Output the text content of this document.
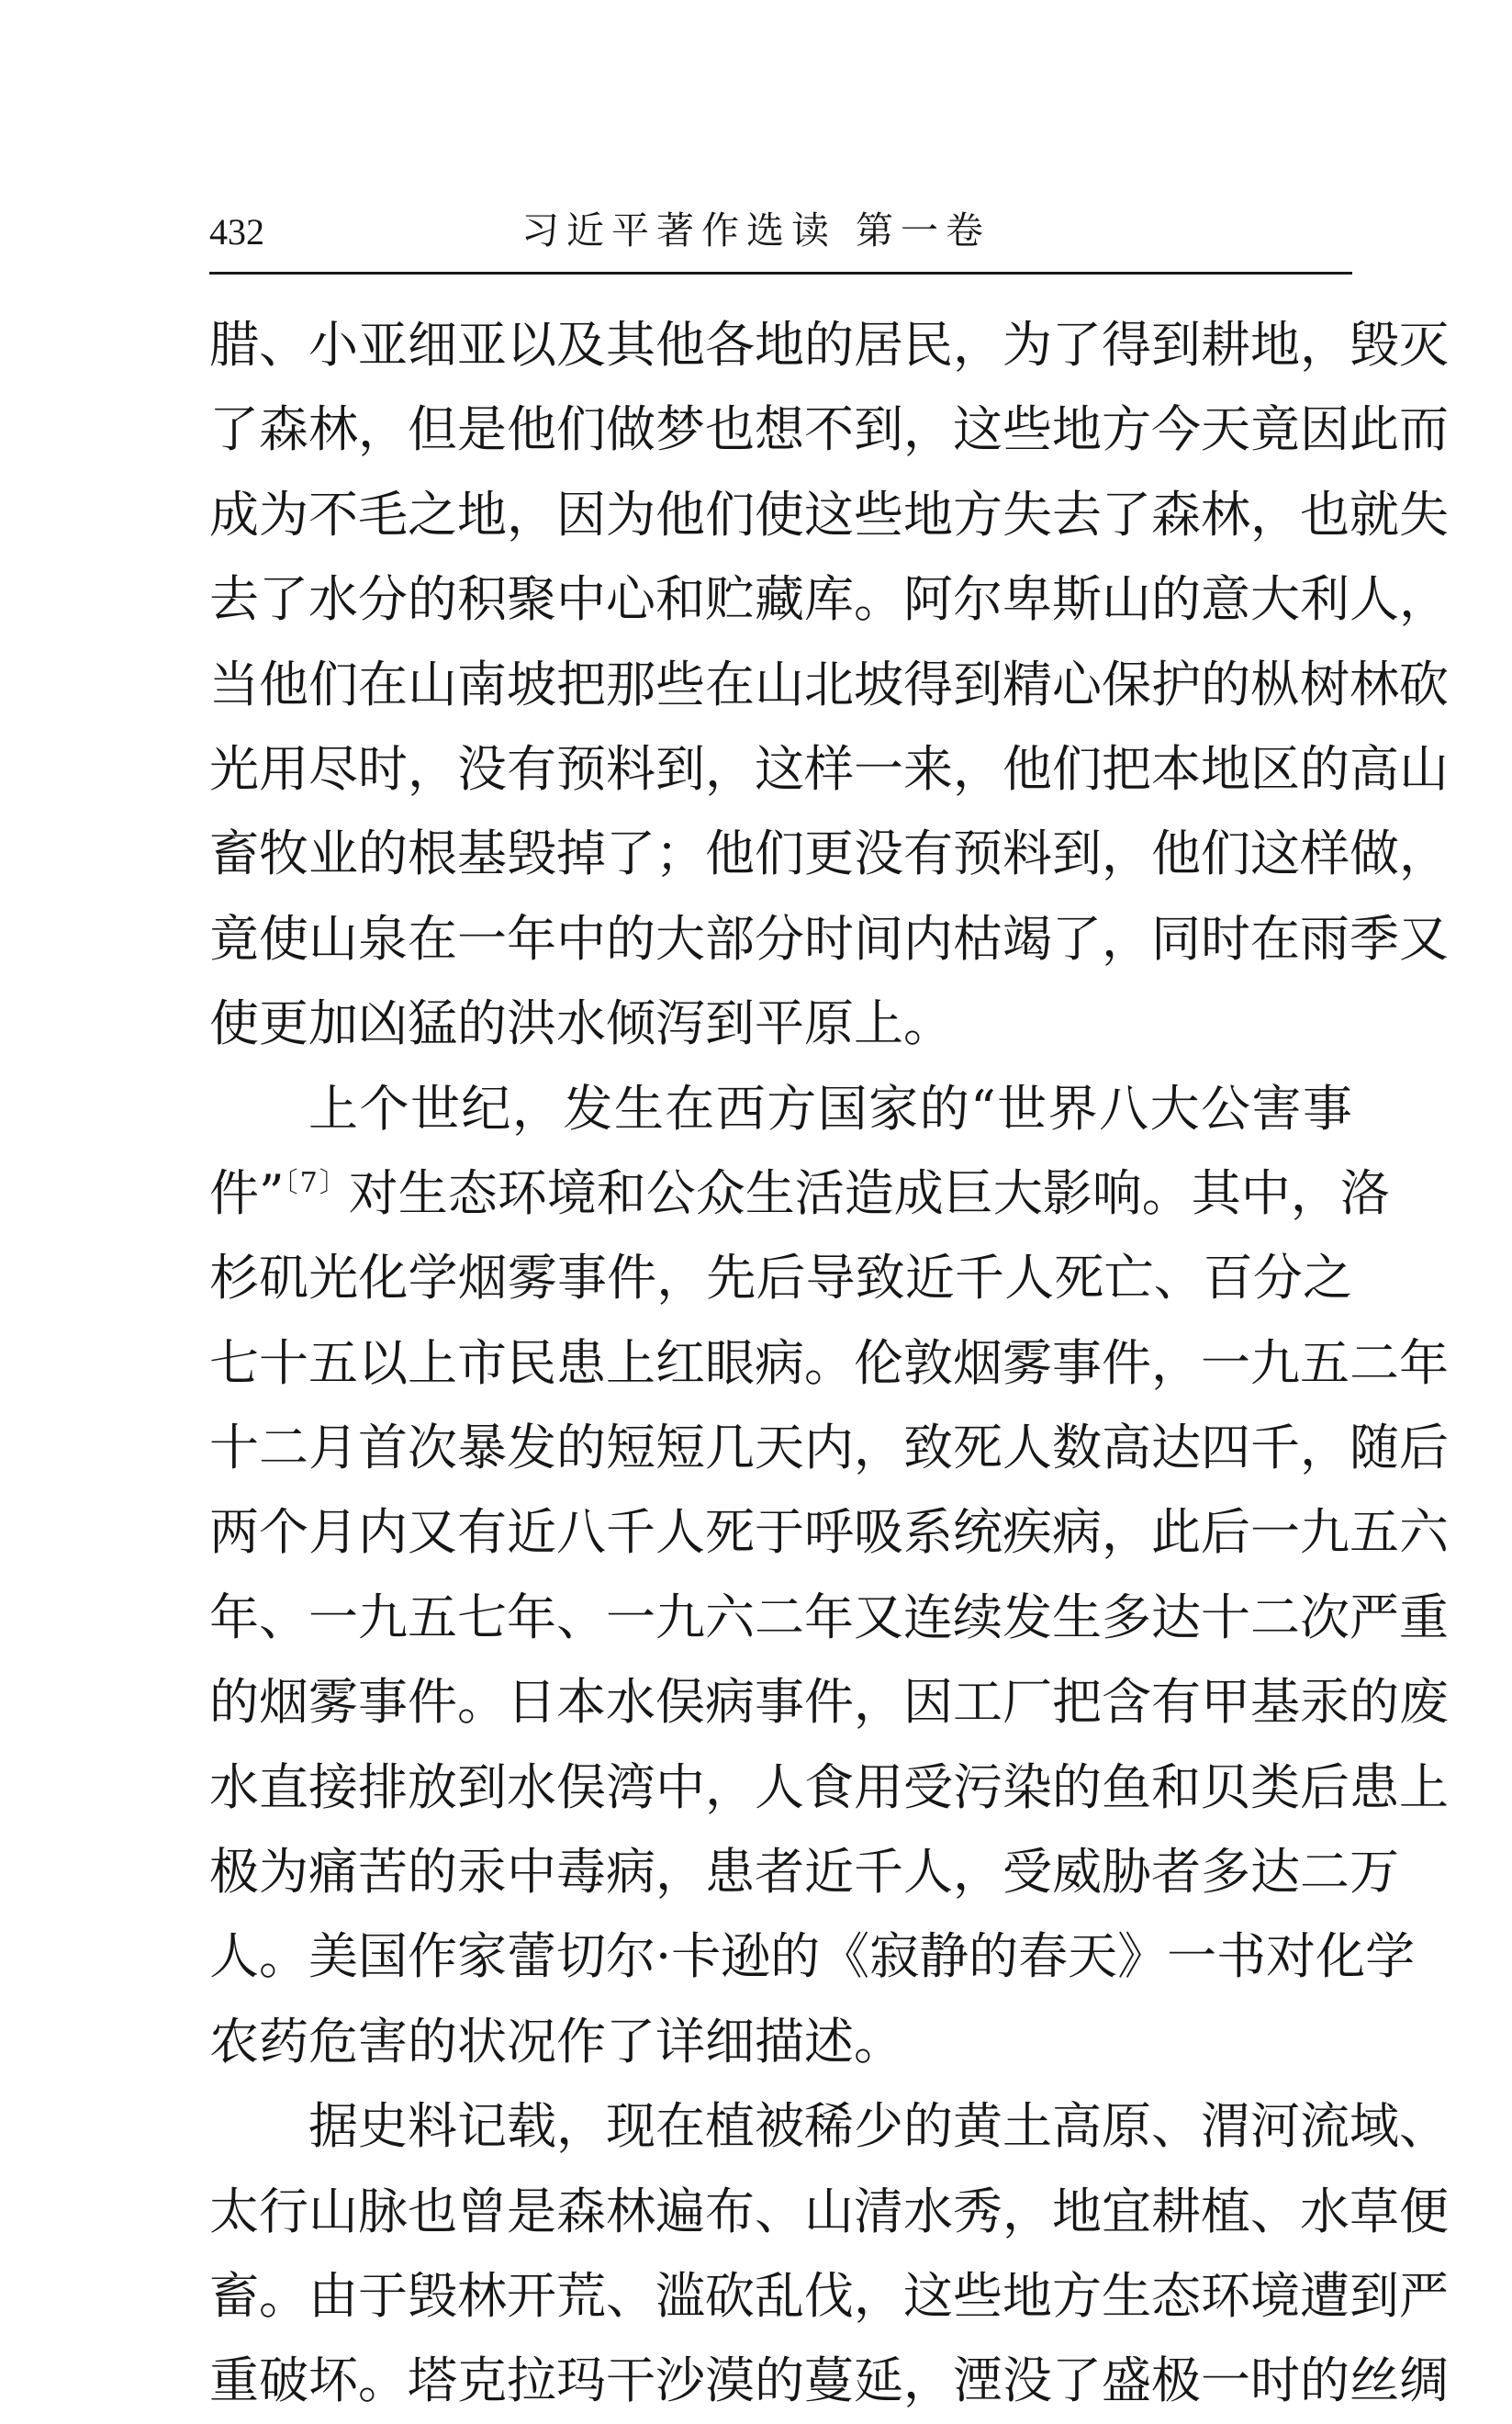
432	习近平著作选读 第一卷
腊、小亚细亚以及其他各地的居民，为了得到耕地，毁灭
了森林，但是他们做梦也想不到，这些地方今天竟因此而
成为不毛之地，因为他们使这些地方失去了森林，也就失
去了水分的积聚中心和贮藏库。阿尔卑斯山的意大利人，
当他们在山南坡把那些在山北坡得到精心保护的枞树林砍
光用尽时，没有预料到，这样一来，他们把本地区的高山
畜牧业的根基毁掉了；他们更没有预料到，他们这样做，
竟使山泉在一年中的大部分时间内枯竭了，同时在雨季又
使更加凶猛的洪水倾泻到平原上。
上个世纪，发生在西方国家的“世界八大公害事
件”$^{〔7〕}$对生态环境和公众生活造成巨大影响。其中，洛
杉矶光化学烟雾事件，先后导致近千人死亡、百分之
七十五以上市民患上红眼病。伦敦烟雾事件，一九五二年
十二月首次暴发的短短几天内，致死人数高达四千，随后
两个月内又有近八千人死于呼吸系统疾病，此后一九五六
年、一九五七年、一九六二年又连续发生多达十二次严重
的烟雾事件。日本水俣病事件，因工厂把含有甲基汞的废
水直接排放到水俣湾中，人食用受污染的鱼和贝类后患上
极为痛苦的汞中毒病，患者近千人，受威胁者多达二万
人。美国作家蕾切尔·卡逊的《寂静的春天》一书对化学
农药危害的状况作了详细描述。
据史料记载，现在植被稀少的黄土高原、渭河流域、
太行山脉也曾是森林遍布、山清水秀，地宜耕植、水草便
畜。由于毁林开荒、滥砍乱伐，这些地方生态环境遭到严
重破坏。塔克拉玛干沙漠的蔓延，湮没了盛极一时的丝绸
